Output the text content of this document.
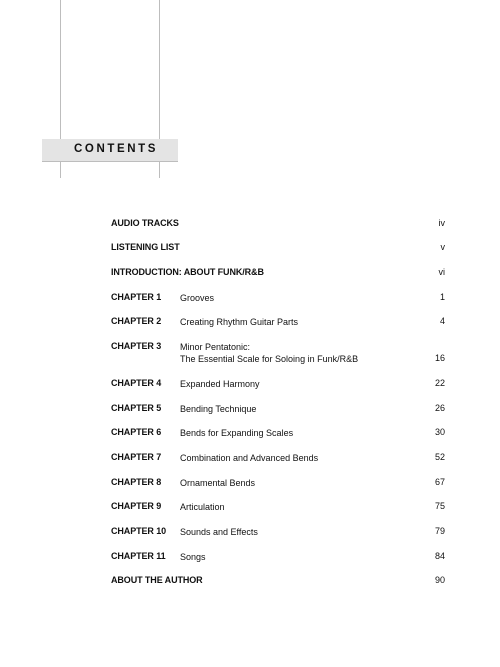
CONTENTS
AUDIO TRACKS	iv
LISTENING LIST	v
INTRODUCTION: ABOUT FUNK/R&B	vi
CHAPTER 1 Grooves	1
CHAPTER 2 Creating Rhythm Guitar Parts	4
CHAPTER 3 Minor Pentatonic:
The Essential Scale for Soloing in Funk/R&B	16
CHAPTER 4 Expanded Harmony	22
CHAPTER 5 Bending Technique	26
CHAPTER 6 Bends for Expanding Scales	30
CHAPTER 7 Combination and Advanced Bends	52
CHAPTER 8 Ornamental Bends	67
CHAPTER 9 Articulation	75
CHAPTER 10 Sounds and Effects	79
CHAPTER 11 Songs	84
ABOUT THE AUTHOR	90
